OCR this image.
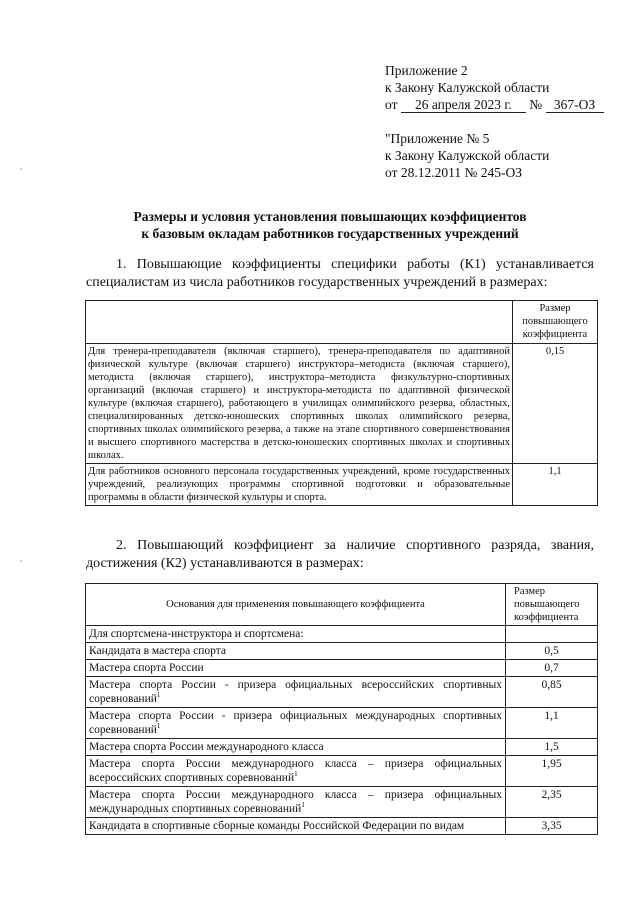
Приложение 2
к Закону Калужской области
от 26 апреля 2023 г. № 367-ОЗ
"Приложение № 5
к Закону Калужской области
от 28.12.2011 № 245-ОЗ
Размеры и условия установления повышающих коэффициентов
к базовым окладам работников государственных учреждений
1. Повышающие коэффициенты специфики работы (К1) устанавливается специалистам из числа работников государственных учреждений в размерах:
	Размер повышающего коэффициента
Для тренера-преподавателя (включая старшего), тренера-преподавателя по адаптивной физической культуре (включая старшего) инструктора–методиста (включая старшего), методиста (включая старшего), инструктора–методиста физкультурно-спортивных организаций (включая старшего) и инструктора-методиста по адаптивной физической культуре (включая старшего), работающего в училищах олимпийского резерва, областных, специализированных детско-юношеских спортивных школах олимпийского резерва, спортивных школах олимпийского резерва, а также на этапе спортивного совершенствования и высшего спортивного мастерства в детско-юношеских спортивных школах и спортивных школах.	0,15
Для работников основного персонала государственных учреждений, кроме государственных учреждений, реализующих программы спортивной подготовки и образовательные программы в области физической культуры и спорта.	1,1
2. Повышающий коэффициент за наличие спортивного разряда, звания, достижения (К2) устанавливаются в размерах:
Основания для применения повышающего коэффициента	Размер повышающего коэффициента
Для спортсмена-инструктора и спортсмена:	
Кандидата в мастера спорта	0,5
Мастера спорта России	0,7
Мастера спорта России - призера официальных всероссийских спортивных соревнований$^1$	0,85
Мастера спорта России - призера официальных международных спортивных соревнований$^1$	1,1
Мастера спорта России международного класса	1,5
Мастера спорта России международного класса – призера официальных всероссийских спортивных соревнований$^1$	1,95
Мастера спорта России международного класса – призера официальных международных спортивных соревнований$^1$	2,35
Кандидата в спортивные сборные команды Российской Федерации по видам	3,35
